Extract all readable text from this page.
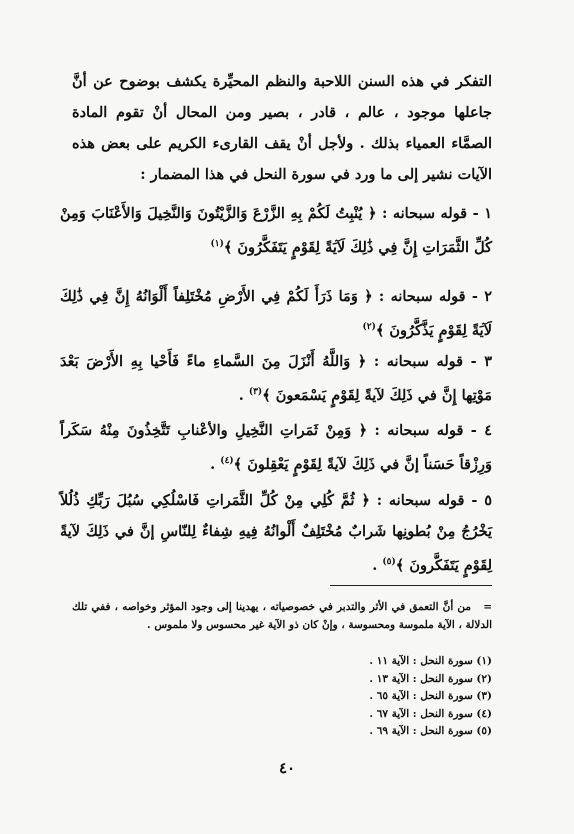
التفكر في هذه السنن اللاحبة والنظم المحيِّرة يكشف بوضوح عن أنَّ جاعلها موجود ، عالم ، قادر ، بصير ومن المحال أنْ تقوم المادة الصمَّاء العمياء بذلك . ولأجل أنْ يقف القارىء الكريم على بعض هذه الآيات نشير إلى ما ورد في سورة النحل في هذا المضمار :

١ - قوله سبحانه : ﴿ يُنْبِتُ لَكُمْ بِهِ الزَّرْعَ وَالزَّيْتُونَ وَالنَّخِيلَ وَالأَعْنَابَ وَمِنْ كُلِّ الثَّمَرَاتِ إِنَّ فِي ذَٰلِكَ لَآيَةً لِقَوْمٍ يَتَفَكَّرُونَ ﴾$^{(١)}$

٢ - قوله سبحانه : ﴿ وَمَا ذَرَأَ لَكُمْ فِي الأَرْضِ مُخْتَلِفاً أَلْوَانُهُ إِنَّ فِي ذَٰلِكَ لَآيَةً لِقَوْمٍ يَذَّكَّرُونَ ﴾$^{(٢)}$

٣ - قوله سبحانه : ﴿ وَاللَّهُ أَنْزَلَ مِنَ السَّماءِ ماءً فَأَحْيا بِهِ الأَرْضَ بَعْدَ مَوْتِها إِنَّ في ذَلِكَ لآيةً لِقَوْمٍ يَسْمَعونَ ﴾$^{(٣)}$ .

٤ - قوله سبحانه : ﴿ وَمِنْ ثَمَراتِ النَّخِيلِ والأعْنابِ تَتَّخِذُونَ مِنْهُ سَكَراً وَرِزْقاً حَسَناً إنَّ في ذَلِكَ لآيةً لِقَوْمٍ يَعْقِلونَ ﴾$^{(٤)}$ .

٥ - قوله سبحانه : ﴿ ثُمَّ كُلِي مِنْ كُلِّ الثَّمَراتِ فَاسْلُكِي سُبُلَ رَبِّكِ ذُلُلاً يَخْرُجُ مِنْ بُطونِها شَرابٌ مُخْتَلِفٌ أَلْوانُهُ فِيهِ شِفاءٌ لِلنّاسِ إنَّ في ذَلِكَ لآيةً لِقَوْمٍ يَتَفَكَّرونَ ﴾$^{(٥)}$ .

= من أنَّ التعمق في الأثر والتدبر في خصوصياته ، يهدينا إلى وجود المؤثر وخواصه ، ففي تلك الدلالة ، الآية ملموسة ومحسوسة ، وإنْ كان ذو الآية غير محسوس ولا ملموس .

(١) سورة النحل : الآية ١١ .
(٢) سورة النحل : الآية ١٣ .
(٣) سورة النحل : الآية ٦٥ .
(٤) سورة النحل : الآية ٦٧ .
(٥) سورة النحل : الآية ٦٩ .
٤٠
